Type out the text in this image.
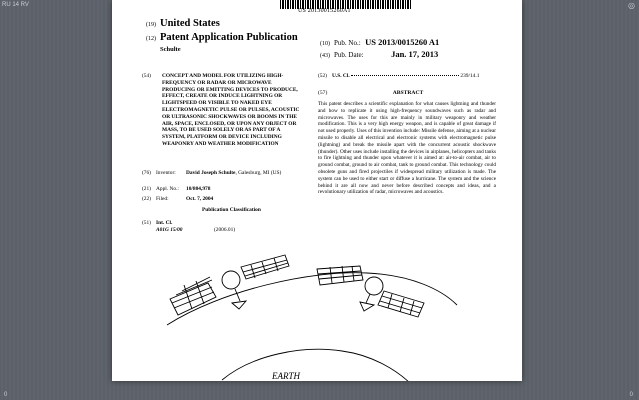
RU 14 RV	◎
0	0
US 20130015260A1
(19) United States
(12) Patent Application Publication
Schulte
(10) Pub. No.: US 2013/0015260 A1
(43) Pub. Date:	Jan. 17, 2013
(54) CONCEPT AND MODEL FOR UTILIZING HIGH-FREQUENCY OR RADAR OR MICROWAVE PRODUCING OR EMITTING DEVICES TO PRODUCE, EFFECT, CREATE OR INDUCE LIGHTNING OR LIGHTSPEED OR VISIBLE TO NAKED EYE ELECTROMAGNETIC PULSE OR PULSES, ACOUSTIC OR ULTRASONIC SHOCKWAVES OR BOOMS IN THE AIR, SPACE, ENCLOSED, OR UPON ANY OBJECT OR MASS, TO BE USED SOLELY OR AS PART OF A SYSTEM, PLATFORM OR DEVICE INCLUDING WEAPONRY AND WEATHER MODIFICATION
(76) Inventor: David Joseph Schulte, Galesburg, MI (US)
(21) Appl. No.: 10/804,978
(22) Filed:	Oct. 7, 2004
Publication Classification
(51) Int. Cl.
A01G 15/00	(2006.01)
(52) U.S. Cl.	239/14.1
(57)	ABSTRACT
This patent describes a scientific explanation for what causes lightning and thunder and how to replicate it using high-frequency soundwaves such as radar and microwaves. The uses for this are mainly in military weaponry and weather modification. This is a very high energy weapon, and is capable of great damage if not used properly. Uses of this invention include: Missile defense, aiming at a nuclear missile to disable all electrical and electronic systems with electromagnetic pulse (lightning) and break the missile apart with the concurrent acoustic shockwave (thunder). Other uses include installing the devices in airplanes, helicopters and tanks to fire lightning and thunder upon whatever it is aimed at: air-to-air combat, air to ground combat, ground to air combat, tank to ground combat. This technology could obsolete guns and fired projectiles if widespread military utilization is made. The system can be used to either start or diffuse a hurricane. The system and the science behind it are all now and never before described concepts and ideas, and a revolutionary utilization of radar, microwaves and acoustics.
EARTH
